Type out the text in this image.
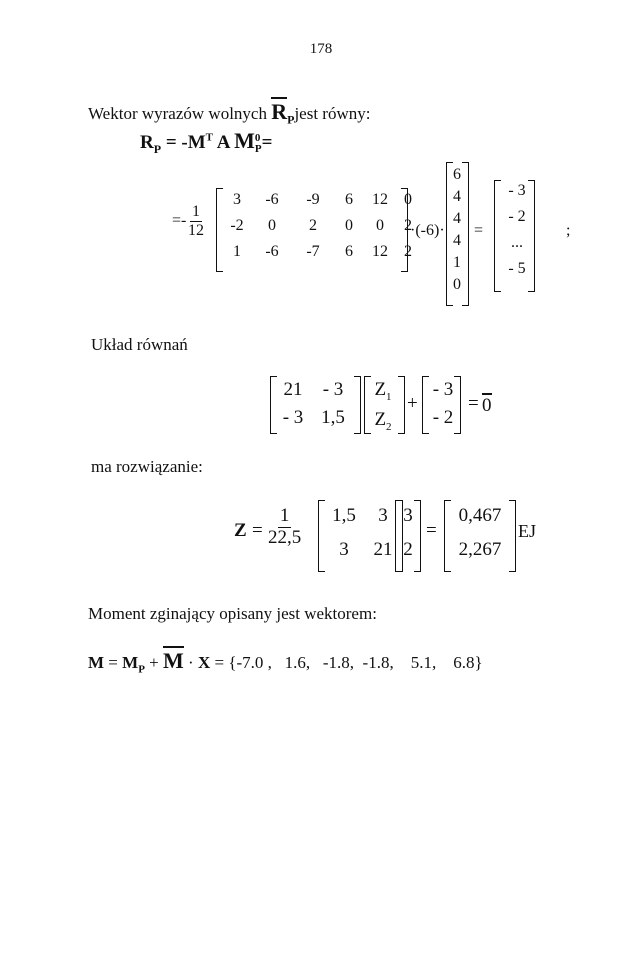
178
Wektor wyrazów wolnych $R_Pjest$ równy:
$R_P = -M^T$ A M 0
P =
=- $\frac{1}{12}$
3	-6	-9	6	12	0
-2	0	2	0	0	2
1	-6	-7	6	12	2
·(-6)·
6
4
4
4
1
0
=
- 3
- 2
...
- 5
;
Układ równań
21	- 3
- 3 1,5
$Z_1$
$Z_2$
+
- 3
- 2
= 0
ma rozwiązanie:
$Z = \frac{1}{22,5}$	1,5	3
3	21
3
2
=
0,467
2,267
EJ
Moment zginający opisany jest wektorem:
$M = M_P + M \cdot X = \{-7.0$ ,   1.6,   -1.8,  -1.8,    5.1,    6.8}
